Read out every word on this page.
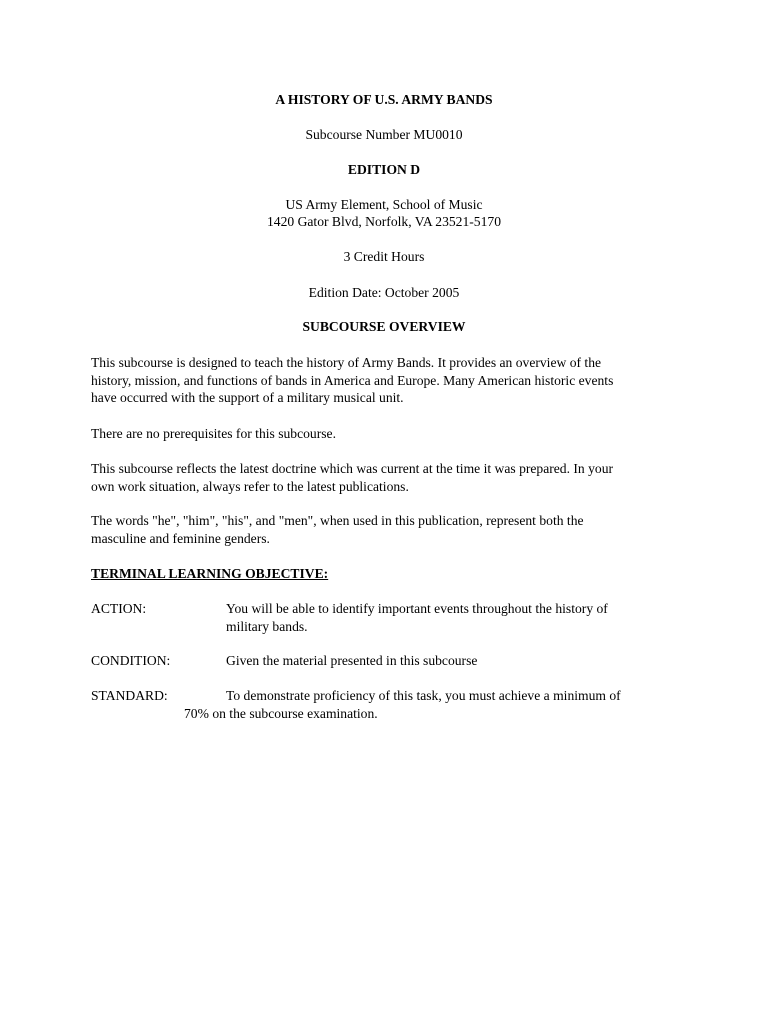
A HISTORY OF U.S. ARMY BANDS
Subcourse Number MU0010
EDITION D
US Army Element, School of Music
1420 Gator Blvd, Norfolk, VA 23521-5170
3 Credit Hours
Edition Date: October 2005
SUBCOURSE OVERVIEW
This subcourse is designed to teach the history of Army Bands. It provides an overview of the
history, mission, and functions of bands in America and Europe. Many American historic events
have occurred with the support of a military musical unit.
There are no prerequisites for this subcourse.
This subcourse reflects the latest doctrine which was current at the time it was prepared. In your
own work situation, always refer to the latest publications.
The words "he", "him", "his", and "men", when used in this publication, represent both the
masculine and feminine genders.
TERMINAL LEARNING OBJECTIVE:
ACTION:	You will be able to identify important events throughout the history of
military bands.
CONDITION:	Given the material presented in this subcourse
STANDARD:	To demonstrate proficiency of this task, you must achieve a minimum of
70% on the subcourse examination.
